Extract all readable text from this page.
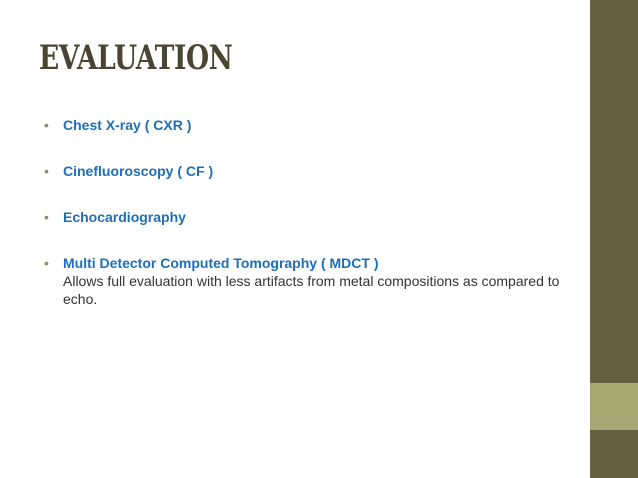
EVALUATION
• Chest X-ray ( CXR )
• Cinefluoroscopy ( CF )
• Echocardiography
• Multi Detector Computed Tomography ( MDCT )
Allows full evaluation with less artifacts from metal compositions as compared to echo.
